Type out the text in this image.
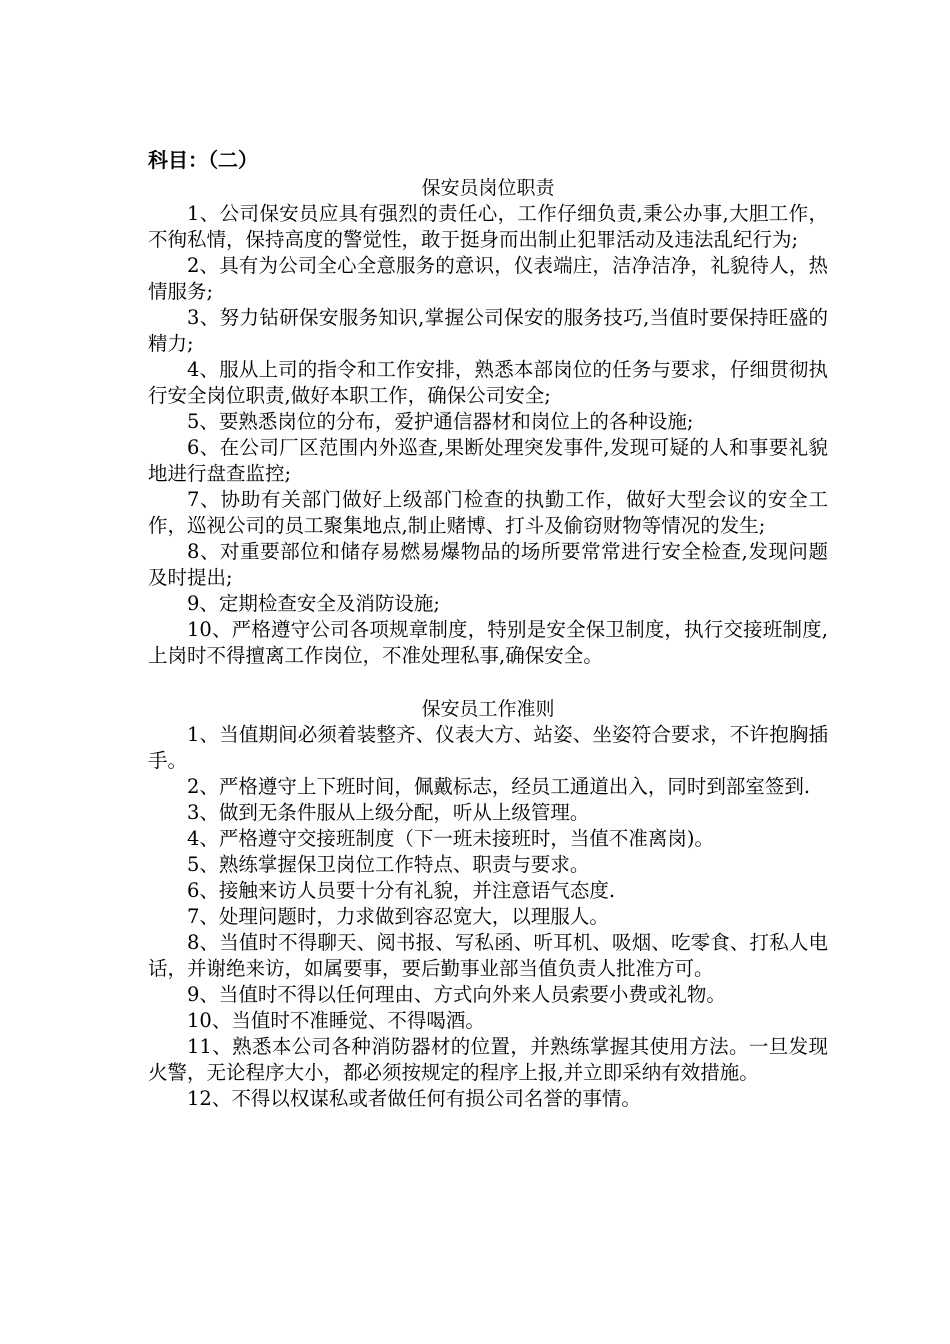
科目：（二）
保安员岗位职责
1、公司保安员应具有强烈的责任心，工作仔细负责,秉公办事,大胆工作，不徇私情，保持高度的警觉性，敢于挺身而出制止犯罪活动及违法乱纪行为;
2、具有为公司全心全意服务的意识，仪表端庄，洁净洁净，礼貌待人，热情服务;
3、努力钻研保安服务知识,掌握公司保安的服务技巧,当值时要保持旺盛的精力;
4、服从上司的指令和工作安排，熟悉本部岗位的任务与要求，仔细贯彻执行安全岗位职责,做好本职工作，确保公司安全;
5、要熟悉岗位的分布，爱护通信器材和岗位上的各种设施;
6、在公司厂区范围内外巡查,果断处理突发事件,发现可疑的人和事要礼貌地进行盘查监控;
7、协助有关部门做好上级部门检查的执勤工作，做好大型会议的安全工作，巡视公司的员工聚集地点,制止赌博、打斗及偷窃财物等情况的发生;
8、对重要部位和储存易燃易爆物品的场所要常常进行安全检查,发现问题及时提出;
9、定期检查安全及消防设施;
10、严格遵守公司各项规章制度，特别是安全保卫制度，执行交接班制度,上岗时不得擅离工作岗位，不准处理私事,确保安全。
保安员工作准则
1、当值期间必须着装整齐、仪表大方、站姿、坐姿符合要求，不许抱胸插手。
2、严格遵守上下班时间，佩戴标志，经员工通道出入，同时到部室签到.
3、做到无条件服从上级分配，听从上级管理。
4、严格遵守交接班制度（下一班未接班时，当值不准离岗)。
5、熟练掌握保卫岗位工作特点、职责与要求。
6、接触来访人员要十分有礼貌，并注意语气态度.
7、处理问题时，力求做到容忍宽大，以理服人。
8、当值时不得聊天、阅书报、写私函、听耳机、吸烟、吃零食、打私人电话，并谢绝来访，如属要事，要后勤事业部当值负责人批准方可。
9、当值时不得以任何理由、方式向外来人员索要小费或礼物。
10、当值时不准睡觉、不得喝酒。
11、熟悉本公司各种消防器材的位置，并熟练掌握其使用方法。一旦发现火警，无论程序大小，都必须按规定的程序上报,并立即采纳有效措施。
12、不得以权谋私或者做任何有损公司名誉的事情。
